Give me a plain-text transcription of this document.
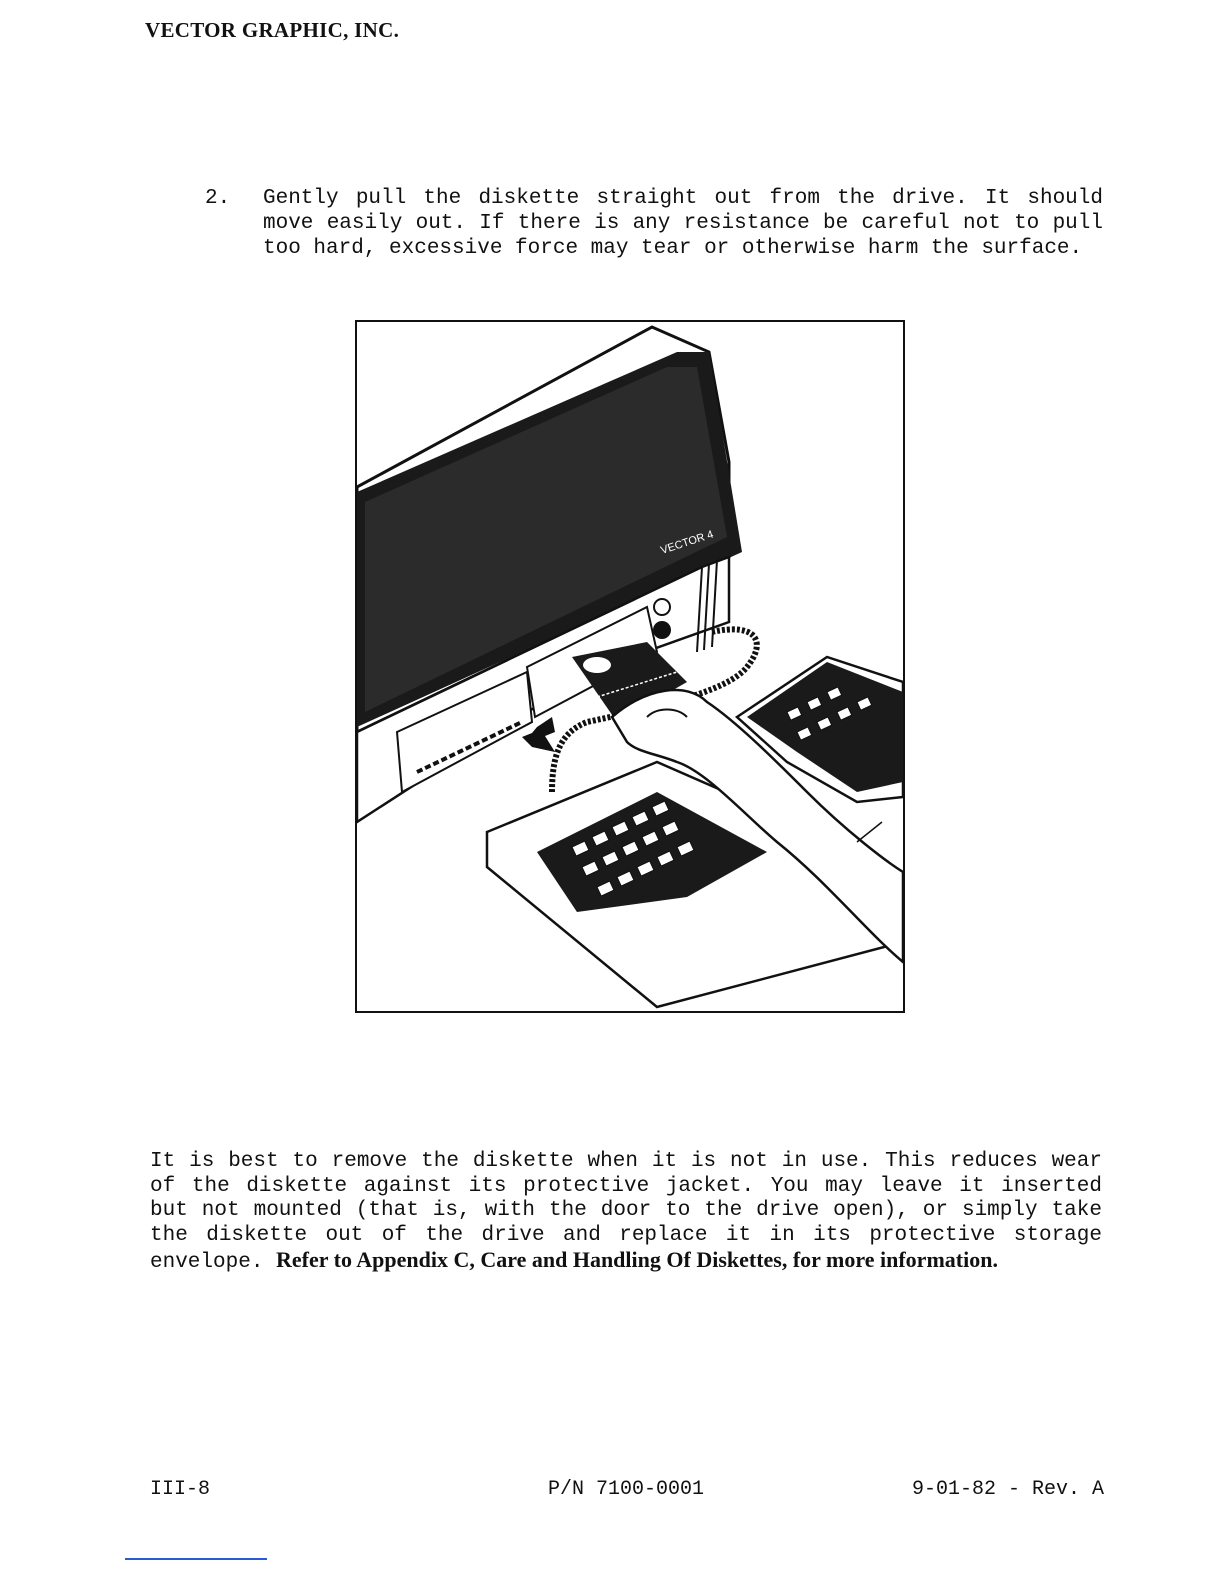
VECTOR GRAPHIC, INC.
2. Gently pull the diskette straight out from the drive. It should move easily out. If there is any resistance be careful not to pull too hard, excessive force may tear or otherwise harm the surface.
VECTOR 4
It is best to remove the diskette when it is not in use. This reduces wear of the diskette against its protective jacket. You may leave it inserted but not mounted (that is, with the door to the drive open), or simply take the diskette out of the drive and replace it in its protective storage envelope. Refer to Appendix C, Care and Handling Of Diskettes, for more information.
III-8	P/N 7100-0001	9-01-82 - Rev. A
